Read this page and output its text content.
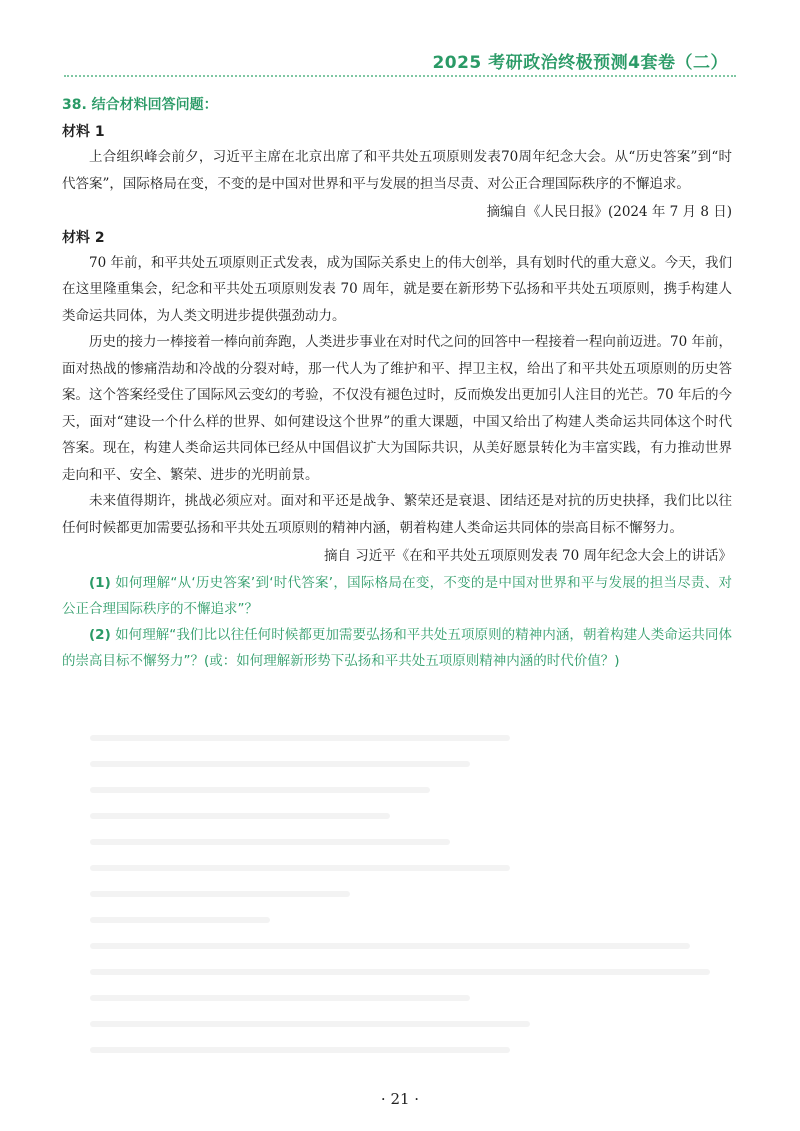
2025 考研政治终极预测4套卷（二）

38. 结合材料回答问题：

材料 1

上合组织峰会前夕，习近平主席在北京出席了和平共处五项原则发表70周年纪念大会。从“历史答案”到“时代答案”，国际格局在变，不变的是中国对世界和平与发展的担当尽责、对公正合理国际秩序的不懈追求。

摘编自《人民日报》(2024 年 7 月 8 日)

材料 2

70 年前，和平共处五项原则正式发表，成为国际关系史上的伟大创举，具有划时代的重大意义。今天，我们在这里隆重集会，纪念和平共处五项原则发表 70 周年，就是要在新形势下弘扬和平共处五项原则，携手构建人类命运共同体，为人类文明进步提供强劲动力。

历史的接力一棒接着一棒向前奔跑，人类进步事业在对时代之问的回答中一程接着一程向前迈进。70 年前，面对热战的惨痛浩劫和冷战的分裂对峙，那一代人为了维护和平、捍卫主权，给出了和平共处五项原则的历史答案。这个答案经受住了国际风云变幻的考验，不仅没有褪色过时，反而焕发出更加引人注目的光芒。70 年后的今天，面对“建设一个什么样的世界、如何建设这个世界”的重大课题，中国又给出了构建人类命运共同体这个时代答案。现在，构建人类命运共同体已经从中国倡议扩大为国际共识，从美好愿景转化为丰富实践，有力推动世界走向和平、安全、繁荣、进步的光明前景。

未来值得期许，挑战必须应对。面对和平还是战争、繁荣还是衰退、团结还是对抗的历史抉择，我们比以往任何时候都更加需要弘扬和平共处五项原则的精神内涵，朝着构建人类命运共同体的崇高目标不懈努力。

摘自 习近平《在和平共处五项原则发表 70 周年纪念大会上的讲话》

(1) 如何理解“从‘历史答案’到‘时代答案’，国际格局在变，不变的是中国对世界和平与发展的担当尽责、对公正合理国际秩序的不懈追求”？

(2) 如何理解“我们比以往任何时候都更加需要弘扬和平共处五项原则的精神内涵，朝着构建人类命运共同体的崇高目标不懈努力”？(或：如何理解新形势下弘扬和平共处五项原则精神内涵的时代价值？)

· 21 ·
